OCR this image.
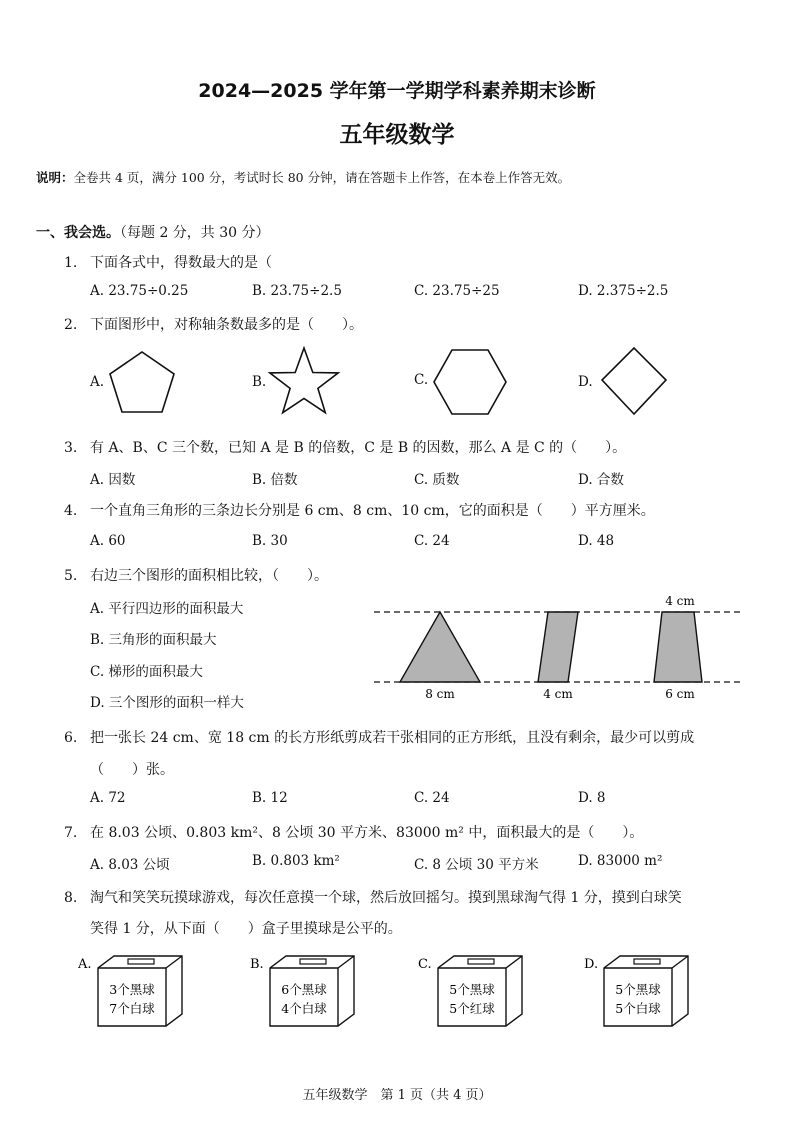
2024—2025 学年第一学期学科素养期末诊断
五年级数学
说明：全卷共 4 页，满分 100 分，考试时长 80 分钟，请在答题卡上作答，在本卷上作答无效。
一、我会选。（每题 2 分，共 30 分）
1. 下面各式中，得数最大的是（
A. 23.75÷0.25	B. 23.75÷2.5	C. 23.75÷25	D. 2.375÷2.5
2. 下面图形中，对称轴条数最多的是（　　）。
A.	B.	C.	D.
3. 有 A、B、C 三个数，已知 A 是 B 的倍数，C 是 B 的因数，那么 A 是 C 的（　　）。
A. 因数	B. 倍数	C. 质数	D. 合数
4. 一个直角三角形的三条边长分别是 6 cm、8 cm、10 cm，它的面积是（　　）平方厘米。
A. 60	B. 30	C. 24	D. 48
5. 右边三个图形的面积相比较，（　　）。
A. 平行四边形的面积最大
B. 三角形的面积最大
C. 梯形的面积最大
D. 三个图形的面积一样大
8 cm	4 cm
4 cm
6 cm
6. 把一张长 24 cm、宽 18 cm 的长方形纸剪成若干张相同的正方形纸，且没有剩余，最少可以剪成
（　　）张。
A. 72	B. 12	C. 24	D. 8
7. 在 8.03 公顷、0.803 km²、8 公顷 30 平方米、83000 m² 中，面积最大的是（　　）。
A. 8.03 公顷	B. 0.803 km²	C. 8 公顷 30 平方米	D. 83000 m²
8. 淘气和笑笑玩摸球游戏，每次任意摸一个球，然后放回摇匀。摸到黑球淘气得 1 分，摸到白球笑
笑得 1 分，从下面（　　）盒子里摸球是公平的。
A.
3个黑球
7个白球
B.
6个黑球
4个白球
C.
5个黑球
5个红球
D.
5个黑球
5个白球
五年级数学　第 1 页（共 4 页）
